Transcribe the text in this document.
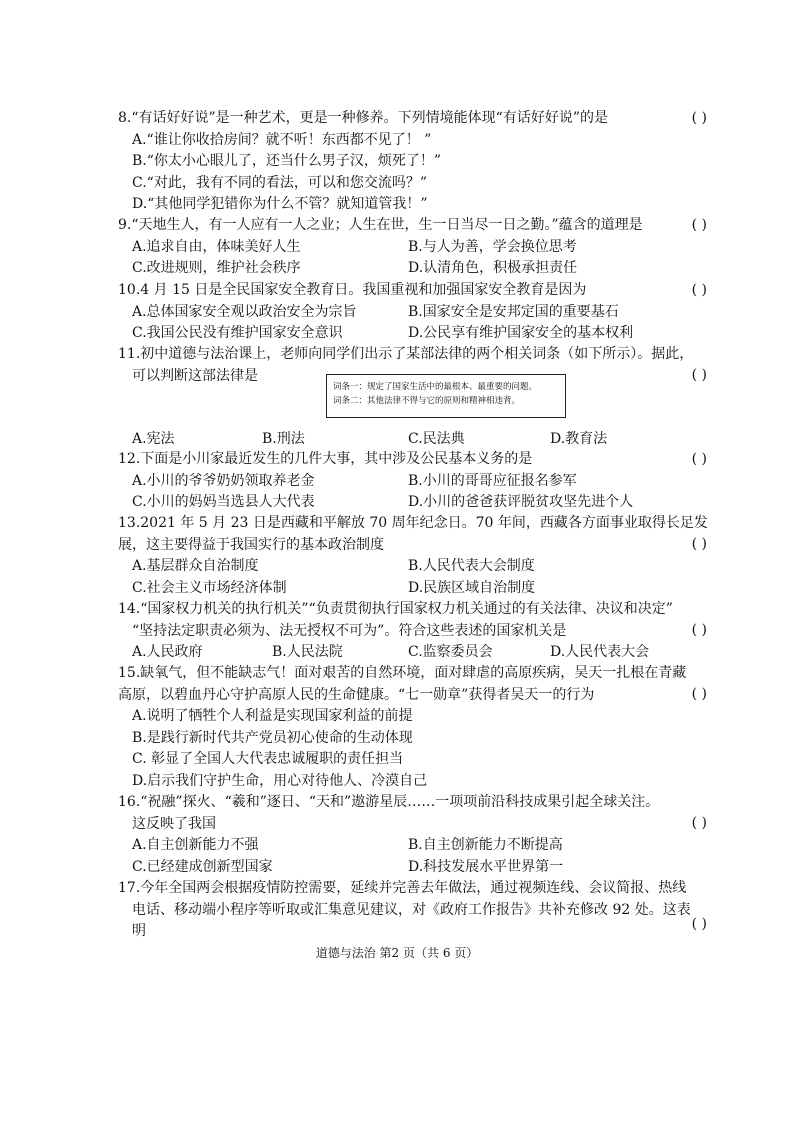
8.“有话好好说”是一种艺术，更是一种修养。下列情境能体现“有话好好说”的是	( )
A.“谁让你收拾房间？就不听！东西都不见了！ ”
B.“你太小心眼儿了，还当什么男子汉，烦死了！”
C.“对此，我有不同的看法，可以和您交流吗？”
D.“其他同学犯错你为什么不管？就知道管我！”
9.“天地生人，有一人应有一人之业；人生在世，生一日当尽一日之勤。”蕴含的道理是	( )
A.追求自由，体味美好人生	B.与人为善，学会换位思考
C.改进规则，维护社会秩序	D.认清角色，积极承担责任
10.4 月 15 日是全民国家安全教育日。我国重视和加强国家安全教育是因为	( )
A.总体国家安全观以政治安全为宗旨	B.国家安全是安邦定国的重要基石
C.我国公民没有维护国家安全意识	D.公民享有维护国家安全的基本权利
11.初中道德与法治课上，老师向同学们出示了某部法律的两个相关词条（如下所示）。据此，
可以判断这部法律是	( )
A.宪法	B.刑法	C.民法典	D.教育法
词条一：规定了国家生活中的最根本、最重要的问题。
词条二：其他法律不得与它的原则和精神相违背。
12.下面是小川家最近发生的几件大事，其中涉及公民基本义务的是	( )
A.小川的爷爷奶奶领取养老金	B.小川的哥哥应征报名参军
C.小川的妈妈当选县人大代表	D.小川的爸爸获评脱贫攻坚先进个人
13.2021 年 5 月 23 日是西藏和平解放 70 周年纪念日。70 年间，西藏各方面事业取得长足发
展，这主要得益于我国实行的基本政治制度	( )
A.基层群众自治制度	B.人民代表大会制度
C.社会主义市场经济体制	D.民族区域自治制度
14.“国家权力机关的执行机关”“负责贯彻执行国家权力机关通过的有关法律、决议和决定”
“坚持法定职责必须为、法无授权不可为”。符合这些表述的国家机关是	( )
A.人民政府	B.人民法院	C.监察委员会	D.人民代表大会
15.缺氧气，但不能缺志气！面对艰苦的自然环境，面对肆虐的高原疾病，吴天一扎根在青藏
高原，以碧血丹心守护高原人民的生命健康。“七一勋章”获得者吴天一的行为	( )
A.说明了牺牲个人利益是实现国家利益的前提
B.是践行新时代共产党员初心使命的生动体现
C. 彰显了全国人大代表忠诚履职的责任担当
D.启示我们守护生命，用心对待他人、冷漠自己
16.“祝融”探火、“羲和”逐日、“天和”遨游星辰……一项项前沿科技成果引起全球关注。
这反映了我国	( )
A.自主创新能力不强	B.自主创新能力不断提高
C.已经建成创新型国家	D.科技发展水平世界第一
17.今年全国两会根据疫情防控需要，延续并完善去年做法，通过视频连线、会议简报、热线
电话、移动端小程序等听取或汇集意见建议，对《政府工作报告》共补充修改 92 处。这表
明	( )
道德与法治 第2 页（共 6 页）
